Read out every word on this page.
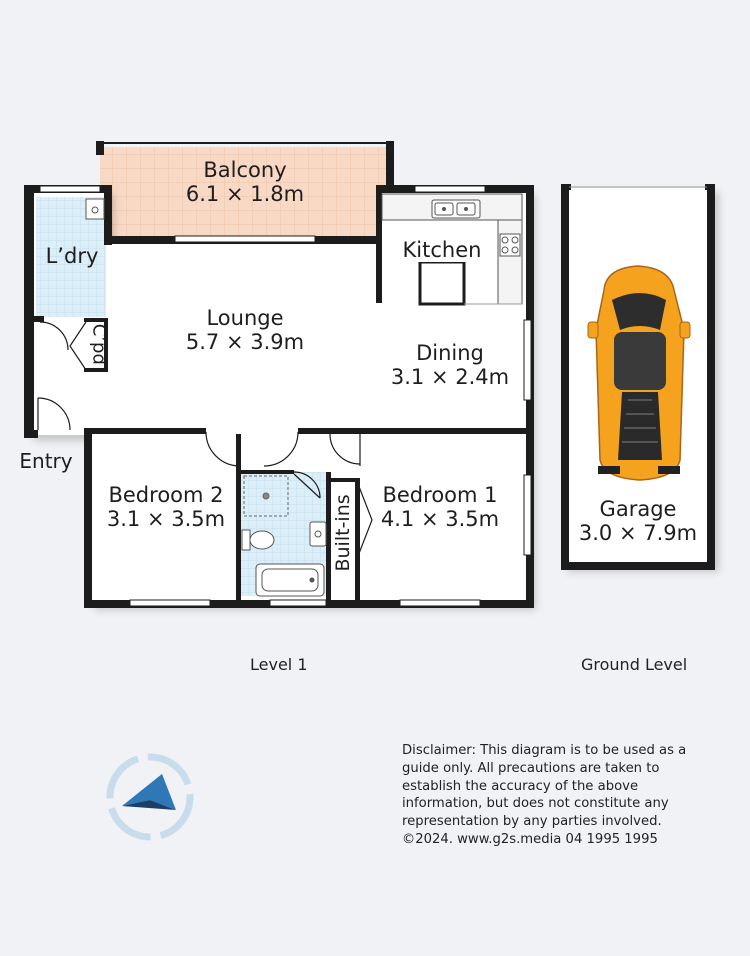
Balcony
6.1 × 1.8m
L’dry	Kitchen
Lounge
5.7 × 3.9m
C’pd	Dining
3.1 × 2.4m
Entry
Bedroom 2
3.1 × 3.5m	Built-ins	Bedroom 1
4.1 × 3.5m	Garage
3.0 × 7.9m
Level 1	Ground Level
Disclaimer: This diagram is to be used as a guide only. All precautions are taken to establish the accuracy of the above information, but does not constitute any representation by any parties involved. ©2024. www.g2s.media 04 1995 1995
